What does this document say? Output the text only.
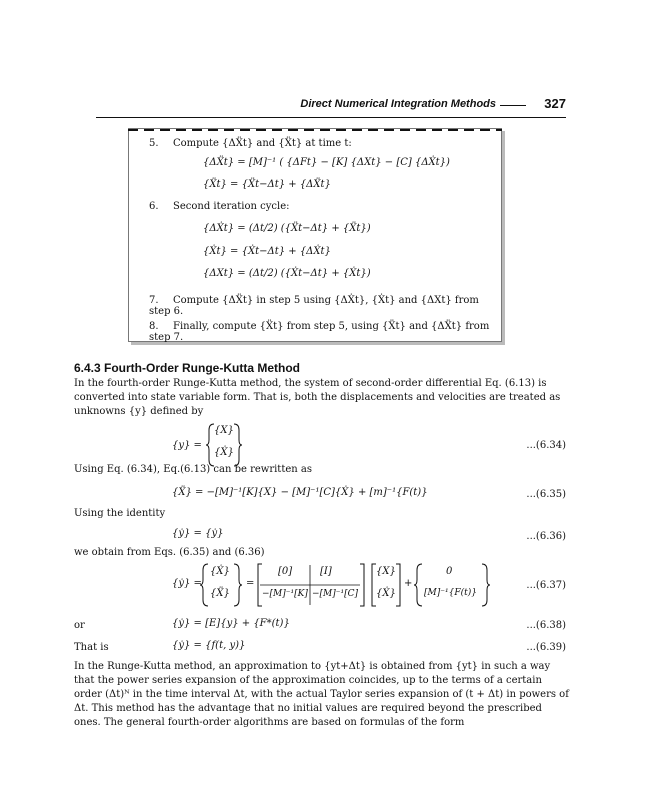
Direct Numerical Integration Methods	327
5. Compute {ΔẌt} and {Ẍt} at time t:
{ΔẌt} = [M]⁻¹ ( {ΔFt} − [K] {ΔXt} − [C] {ΔẊt})
{Ẍt} = {Ẍt−Δt} + {ΔẌt}
6. Second iteration cycle:
{ΔẊt} = (Δt/2) ({Ẍt−Δt} + {Ẍt})
{Ẋt} = {Ẋt−Δt} + {ΔẊt}
{ΔXt} = (Δt/2) ({Ẋt−Δt} + {Ẋt})
7. Compute {ΔẌt} in step 5 using {ΔẊt}, {Ẋt} and {ΔXt} from step 6.
8. Finally, compute {Ẍt} from step 5, using {Ẍt} and {ΔẌt} from step 7.
6.4.3 Fourth-Order Runge-Kutta Method
In the fourth-order Runge-Kutta method, the system of second-order differential Eq. (6.13) is converted into state variable form. That is, both the displacements and velocities are treated as unknowns {y} defined by
{y} =
{X}
{Ẋ}
...(6.34)
Using Eq. (6.34), Eq.(6.13) can be rewritten as
{Ẍ} = −[M]⁻¹[K]{X} − [M]⁻¹[C]{Ẋ} + [m]⁻¹{F(t)}	...(6.35)
Using the identity
{ẏ} = {ẏ}	...(6.36)
we obtain from Eqs. (6.35) and (6.36)
{ẏ} =
{Ẋ}
{Ẍ}
=
[0]	[I]
−[M]⁻¹[K] −[M]⁻¹[C]
{X}
{Ẋ}
+
0
[M]⁻¹{F(t)}
...(6.37)
or	{ẏ} = [E]{y} + {F*(t)}	...(6.38)
That is	{ẏ} = {f(t, y)}	...(6.39)
In the Runge-Kutta method, an approximation to {yt+Δt} is obtained from {yt} in such a way that the power series expansion of the approximation coincides, up to the terms of a certain order (Δt)ᴺ in the time interval Δt, with the actual Taylor series expansion of (t + Δt) in powers of Δt. This method has the advantage that no initial values are required beyond the prescribed ones. The general fourth-order algorithms are based on formulas of the form
